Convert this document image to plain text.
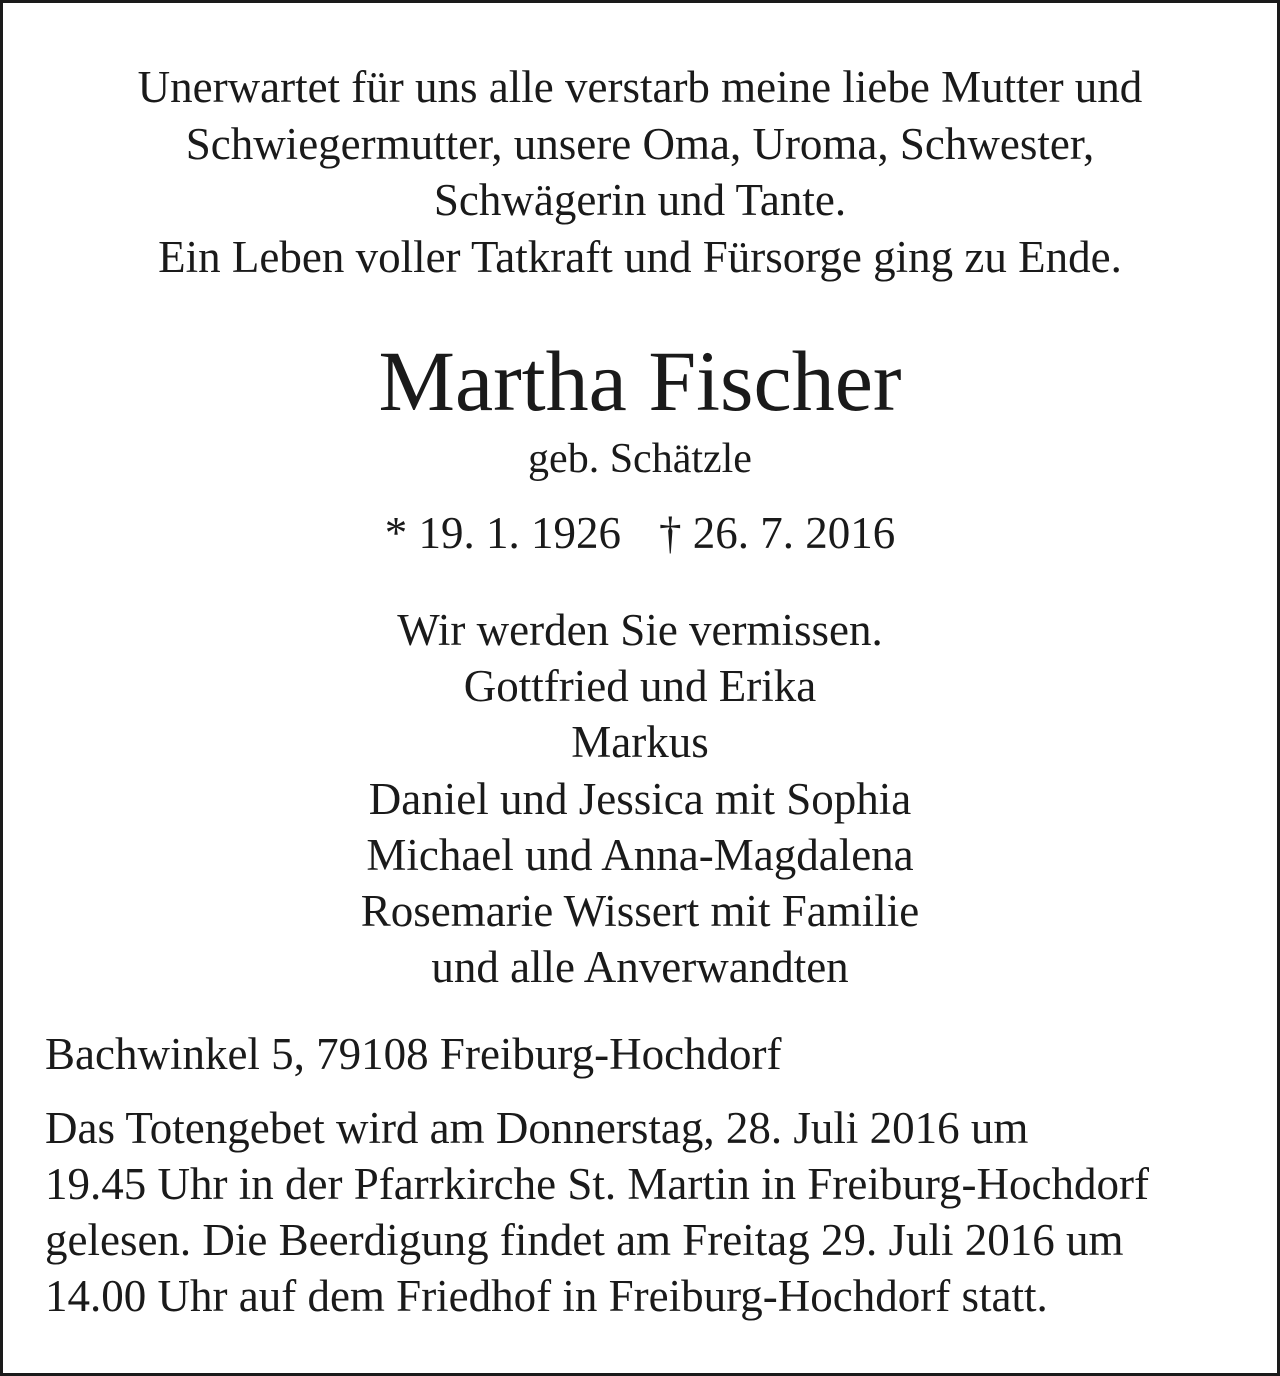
Unerwartet für uns alle verstarb meine liebe Mutter und
Schwiegermutter, unsere Oma, Uroma, Schwester,
Schwägerin und Tante.
Ein Leben voller Tatkraft und Fürsorge ging zu Ende.

Martha Fischer

geb. Schätzle

* 19. 1. 1926 † 26. 7. 2016

Wir werden Sie vermissen.
Gottfried und Erika
Markus
Daniel und Jessica mit Sophia
Michael und Anna-Magdalena
Rosemarie Wissert mit Familie
und alle Anverwandten

Bachwinkel 5, 79108 Freiburg-Hochdorf

Das Totengebet wird am Donnerstag, 28. Juli 2016 um
19.45 Uhr in der Pfarrkirche St. Martin in Freiburg-Hochdorf
gelesen. Die Beerdigung findet am Freitag 29. Juli 2016 um
14.00 Uhr auf dem Friedhof in Freiburg-Hochdorf statt.
